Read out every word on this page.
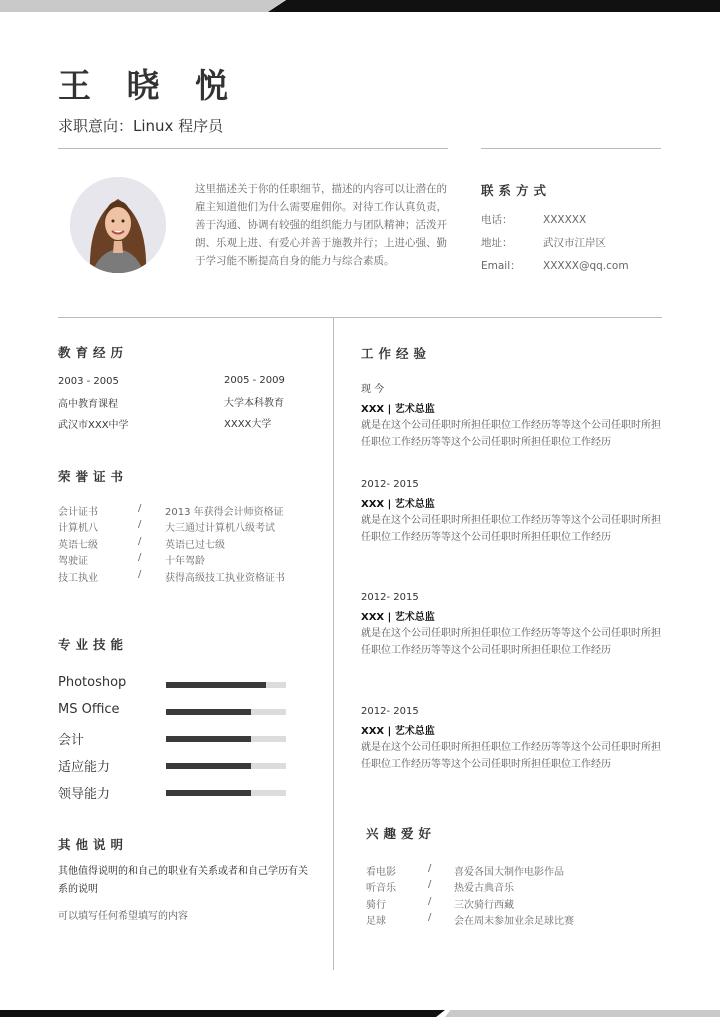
王 晓 悦
求职意向：Linux 程序员
这里描述关于你的任职细节，描述的内容可以让潜在的雇主知道他们为什么需要雇佣你。对待工作认真负责，善于沟通、协调有较强的组织能力与团队精神；活泼开朗、乐观上进、有爱心并善于施教并行；上进心强、勤于学习能不断提高自身的能力与综合素质。
联系方式
电话：	XXXXXX
地址：	武汉市江岸区
Email： XXXXX@qq.com
教育经历
2003 - 2005
高中教育课程
武汉市XXX中学
2005 - 2009
大学本科教育
XXXX大学
荣誉证书
会计证书	/ 2013 年获得会计师资格证
计算机八	/ 大三通过计算机八级考试
英语七级	/ 英语已过七级
驾驶证	/ 十年驾龄
技工执业	/ 获得高级技工执业资格证书
专业技能
Photoshop
MS Office
会计
适应能力
领导能力
其他说明
其他值得说明的和自己的职业有关系或者和自己学历有关系的说明
可以填写任何希望填写的内容
工作经验
现 今
XXX | 艺术总监
就是在这个公司任职时所担任职位工作经历等等这个公司任职时所担任职位工作经历等等这个公司任职时所担任职位工作经历
2012- 2015
XXX | 艺术总监
就是在这个公司任职时所担任职位工作经历等等这个公司任职时所担任职位工作经历等等这个公司任职时所担任职位工作经历
2012- 2015
XXX | 艺术总监
就是在这个公司任职时所担任职位工作经历等等这个公司任职时所担任职位工作经历等等这个公司任职时所担任职位工作经历
2012- 2015
XXX | 艺术总监
就是在这个公司任职时所担任职位工作经历等等这个公司任职时所担任职位工作经历等等这个公司任职时所担任职位工作经历
兴趣爱好
看电影	/ 喜爱各国大制作电影作品
听音乐	/ 热爱古典音乐
骑行	/ 三次骑行西藏
足球	/ 会在周末参加业余足球比赛
